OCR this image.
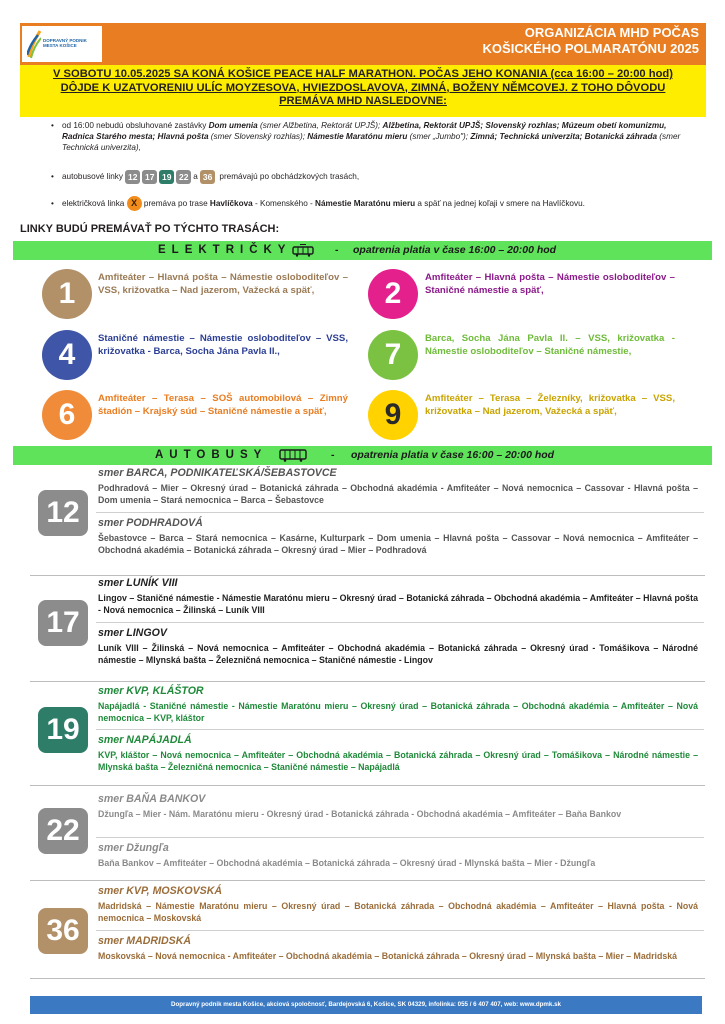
DOPRAVNÝ PODNIK MESTA KOŠICE
ORGANIZÁCIA MHD POČAS
KOŠICKÉHO POLMARATÓNU 2025
V SOBOTU 10.05.2025 SA KONÁ KOŠICE PEACE HALF MARATHON. POČAS JEHO KONANIA (cca 16:00 – 20:00 hod)
DÔJDE K UZATVORENIU ULÍC MOYZESOVA, HVIEZDOSLAVOVA, ZIMNÁ, BOŽENY NĚMCOVEJ. Z TOHO DÔVODU
PREMÁVA MHD NASLEDOVNE:
• od 16:00 nebudú obsluhované zastávky Dom umenia (smer Alžbetina, Rektorát UPJŠ); Alžbetina, Rektorát UPJŠ; Slovenský rozhlas; Múzeum obetí komunizmu, Radnica Starého mesta; Hlavná pošta (smer Slovenský rozhlas); Námestie Maratónu mieru (smer „Jumbo"); Zimná; Technická univerzita; Botanická záhrada (smer Technická univerzita),
• autobusové linky 12 17 19 22 a 36 premávajú po obchádzkových trasách,
• električková linka X premáva po trase Havlíčkova - Komenského - Námestie Maratónu mieru a späť na jednej koľaji v smere na Havlíčkovu.
LINKY BUDÚ PREMÁVAŤ PO TÝCHTO TRASÁCH:
ELEKTRIČKY	- opatrenia platia v čase 16:00 – 20:00 hod
1	Amfiteáter – Hlavná pošta – Námestie osloboditeľov – VSS, križovatka – Nad jazerom, Važecká a späť,	2	Amfiteáter – Hlavná pošta – Námestie osloboditeľov – Staničné námestie a späť,
4	Staničné námestie – Námestie osloboditeľov – VSS, križovatka - Barca, Socha Jána Pavla II.,	7	Barca, Socha Jána Pavla II. – VSS, križovatka - Námestie osloboditeľov – Staničné námestie,
6	Amfiteáter – Terasa – SOŠ automobilová – Zimný štadión – Krajský súd – Staničné námestie a späť,	9	Amfiteáter – Terasa – Železníky, križovatka – VSS, križovatka – Nad jazerom, Važecká a späť,
AUTOBUSY	- opatrenia platia v čase 16:00 – 20:00 hod
12
smer BARCA, PODNIKATEĽSKÁ/ŠEBASTOVCE
Podhradová – Mier – Okresný úrad – Botanická záhrada – Obchodná akadémia - Amfiteáter – Nová nemocnica – Cassovar - Hlavná pošta – Dom umenia – Stará nemocnica – Barca – Šebastovce
smer PODHRADOVÁ
Šebastovce – Barca – Stará nemocnica – Kasárne, Kulturpark – Dom umenia – Hlavná pošta – Cassovar – Nová nemocnica – Amfiteáter – Obchodná akadémia – Botanická záhrada – Okresný úrad – Mier – Podhradová
17
smer LUNÍK VIII
Lingov – Staničné námestie - Námestie Maratónu mieru – Okresný úrad – Botanická záhrada – Obchodná akadémia – Amfiteáter – Hlavná pošta - Nová nemocnica – Žilinská – Luník VIII
smer LINGOV
Luník VIII – Žilinská – Nová nemocnica – Amfiteáter – Obchodná akadémia – Botanická záhrada – Okresný úrad - Tomášikova – Národné námestie – Mlynská bašta – Železničná nemocnica – Staničné námestie - Lingov
19
smer KVP, KLÁŠTOR
Napájadlá - Staničné námestie - Námestie Maratónu mieru – Okresný úrad – Botanická záhrada – Obchodná akadémia – Amfiteáter – Nová nemocnica – KVP, kláštor
smer NAPÁJADLÁ
KVP, kláštor – Nová nemocnica – Amfiteáter – Obchodná akadémia – Botanická záhrada – Okresný úrad – Tomášikova – Národné námestie – Mlynská bašta – Železničná nemocnica – Staničné námestie – Napájadlá
22
smer BAŇA BANKOV
Džungľa – Mier - Nám. Maratónu mieru - Okresný úrad - Botanická záhrada - Obchodná akadémia – Amfiteáter – Baňa Bankov
smer Džungľa
Baňa Bankov – Amfiteáter – Obchodná akadémia – Botanická záhrada – Okresný úrad - Mlynská bašta – Mier - Džungľa
36
smer KVP, MOSKOVSKÁ
Madridská – Námestie Maratónu mieru – Okresný úrad – Botanická záhrada – Obchodná akadémia – Amfiteáter – Hlavná pošta - Nová nemocnica – Moskovská
smer MADRIDSKÁ
Moskovská – Nová nemocnica - Amfiteáter – Obchodná akadémia – Botanická záhrada – Okresný úrad – Mlynská bašta – Mier – Madridská
Dopravný podnik mesta Košice, akciová spoločnosť, Bardejovská 6, Košice, SK 04329, infolinka: 055 / 6 407 407, web: www.dpmk.sk
